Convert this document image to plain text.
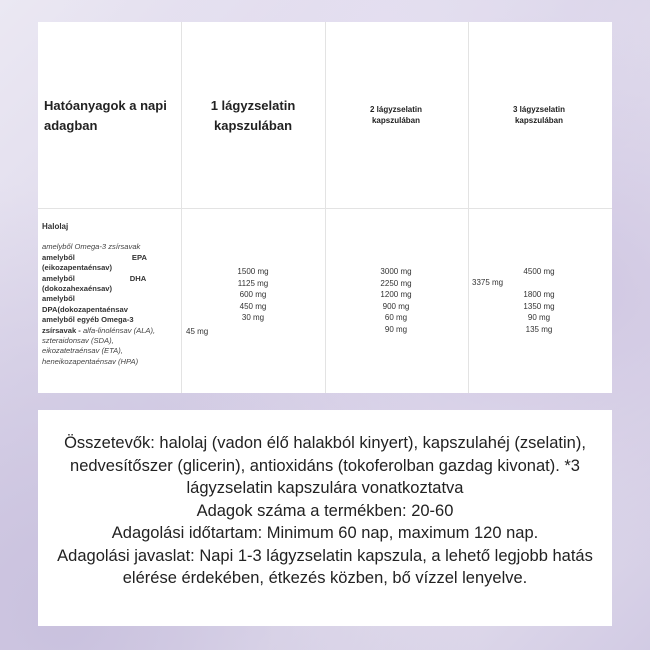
Hatóanyagok a napi adagban
1 lágyzselatin kapszulában
2 lágyzselatin kapszulában
3 lágyzselatin kapszulában
Halolaj
amelyből Omega-3 zsírsavak
amelyből                           EPA
(eikozapentaénsav)
amelyből                          DHA
(dokozahexaénsav)
amelyből
DPA(dokozapentaénsav
amelyből egyéb Omega-3
zsírsavak - alfa-linolénsav (ALA),
szteraidonsav (SDA),
eikozatetraénsav (ETA),
heneikozapentaénsav (HPA)
1500 mg
1125 mg
600 mg
450 mg
30 mg
45 mg
3000 mg
2250 mg
1200 mg
900 mg
60 mg
90 mg
4500 mg

1800 mg
1350 mg
90 mg
135 mg
3375 mg

Összetevők: halolaj (vadon élő halakból kinyert), kapszulahéj (zselatin), nedvesítőszer (glicerin), antioxidáns (tokoferolban gazdag kivonat). *3 lágyzselatin kapszulára vonatkoztatva

Adagok száma a termékben: 20-60

Adagolási időtartam: Minimum 60 nap, maximum 120 nap.

Adagolási javaslat: Napi 1-3 lágyzselatin kapszula, a lehető legjobb hatás elérése érdekében, étkezés közben, bő vízzel lenyelve.
